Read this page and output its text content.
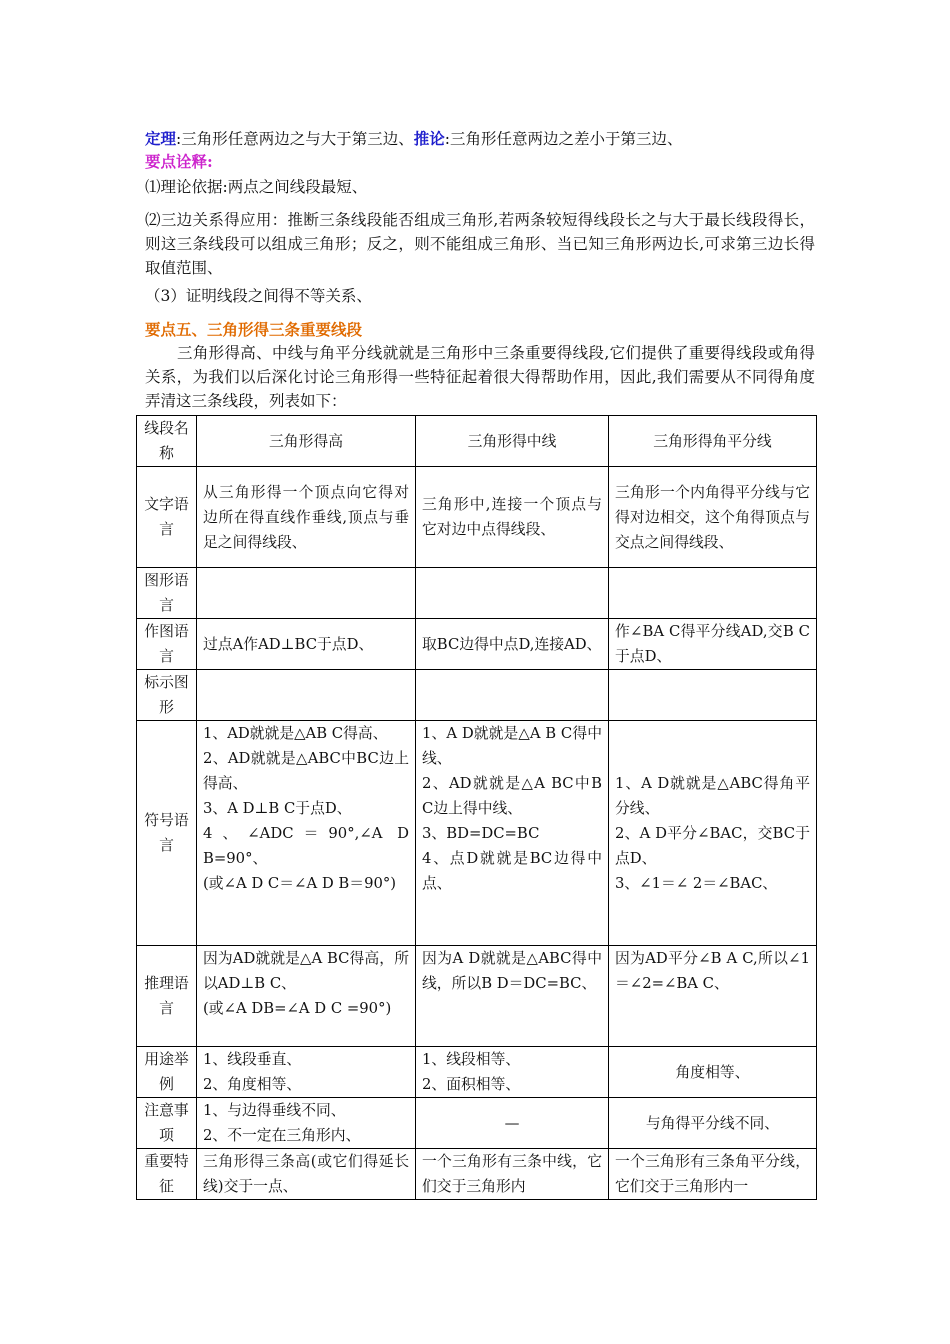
定理:三角形任意两边之与大于第三边、推论:三角形任意两边之差小于第三边、
要点诠释:
⑴理论依据:两点之间线段最短、
⑵三边关系得应用：推断三条线段能否组成三角形,若两条较短得线段长之与大于最长线段得长，则这三条线段可以组成三角形；反之，则不能组成三角形、当已知三角形两边长,可求第三边长得取值范围、
（3）证明线段之间得不等关系、
要点五、三角形得三条重要线段
三角形得高、中线与角平分线就就是三角形中三条重要得线段,它们提供了重要得线段或角得关系，为我们以后深化讨论三角形得一些特征起着很大得帮助作用，因此,我们需要从不同得角度弄清这三条线段，列表如下：
线段名称	三角形得高	三角形得中线	三角形得角平分线
文字语言	从三角形得一个顶点向它得对边所在得直线作垂线,顶点与垂足之间得线段、	三角形中,连接一个顶点与它对边中点得线段、	三角形一个内角得平分线与它得对边相交，这个角得顶点与交点之间得线段、
图形语言			
作图语言	过点A作AD⊥BC于点D、	取BC边得中点D,连接AD、	作∠BA C得平分线AD,交B C于点D、
标示图形			
符号语言	1、AD就就是△AB C得高、
2、AD就就是△ABC中BC边上得高、
3、A D⊥B C于点D、
4、∠ADC＝90°,∠A D B=90°、
(或∠A D C＝∠A D B＝90°)	1、A D就就是△A B C得中线、
2、AD就就是△A BC中B C边上得中线、
3、BD=DC=BC
4、点D就就是BC边得中点、	1、A D就就是△ABC得角平分线、
2、A D平分∠BAC，交BC于点D、
3、∠1＝∠ 2＝∠BAC、
推理语言	因为AD就就是△A BC得高，所以AD⊥B C、
(或∠A DB=∠A D C =90°)	因为A D就就是△ABC得中线，所以B D＝DC=BC、	因为AD平分∠B A C,所以∠1＝∠2=∠BA C、
用途举例	1、线段垂直、
2、角度相等、	1、线段相等、
2、面积相等、	角度相等、
注意事项	1、与边得垂线不同、
2、不一定在三角形内、	—	与角得平分线不同、
重要特征	三角形得三条高(或它们得延长线)交于一点、	一个三角形有三条中线，它们交于三角形内	一个三角形有三条角平分线，它们交于三角形内一
